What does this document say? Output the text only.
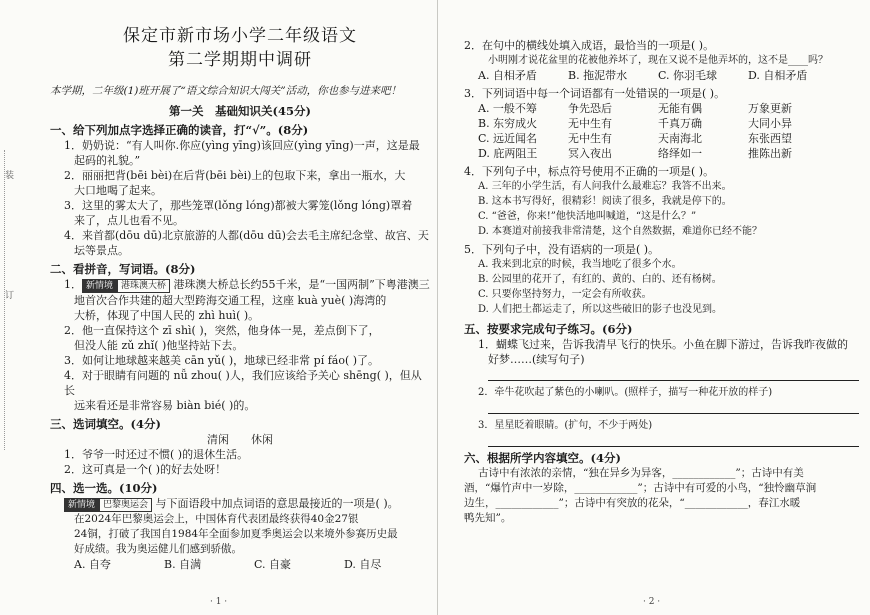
装
订

保定市新市场小学二年级语文

第二学期期中调研

本学期，二年级(1)班开展了“语文综合知识大闯关”活动，你也参与进来吧！

第一关　基础知识关(45分)

一、给下列加点字选择正确的读音，打“√”。(8分)

1．奶奶说：“有人叫你.你应(yìng yīng)该回应(yìng yīng)一声，这是最

起码的礼貌。”

2．丽丽把背(bēi bèi)在后背(bēi bèi)上的包取下来，拿出一瓶水，大

大口地喝了起来。

3．这里的雾太大了，那些笼罩(lǒng lóng)都被大雾笼(lǒng lóng)罩着

来了，点儿也看不见。

4．来首都(dōu dū)北京旅游的人都(dōu dū)会去毛主席纪念堂、故宫、天

坛等景点。

二、看拼音，写词语。(8分)

1． 新情境 港珠澳大桥 港珠澳大桥总长约55千米，是“一国两制”下粤港澳三

地首次合作共建的超大型跨海交通工程，这座 kuà yuè( )海湾的

大桥，体现了中国人民的 zhì huì( )。

2．他一直保持这个 zī shì( )，突然，他身体一晃，差点倒下了，

但没人能 zǔ zhǐ( )他坚持站下去。

3．如何让地球越来越美 cān yǔ( )，地球已经非常 pí fáo( )了。

4．对于眼睛有问题的 nǚ zhou( )人，我们应该给予关心 shēng( )，但从长

远来看还是非常容易 biàn bié( )的。

三、选词填空。(4分)

清闲　　休闲

1．爷爷一时还过不惯( )的退休生活。

2．这可真是一个( )的好去处呀！

四、选一选。(10分)

新情境 巴黎奥运会 与下面语段中加点词语的意思最接近的一项是( )。

在2024年巴黎奥运会上，中国体育代表团最终获得40金27银

24铜，打破了我国自1984年全面参加夏季奥运会以来境外参赛历史最

好成绩。我为奥运健儿们感到骄傲。

A. 自夸	B. 自满	C. 自豪	D. 自尽
· 1 ·

2．在句中的横线处填入成语，最恰当的一项是( )。

小明刚才说花盆里的花被他养坏了，现在又说不是他弄坏的，这不是____吗？

A. 自相矛盾	B. 拖泥带水	C. 你羽毛球	D. 自相矛盾

3．下列词语中每一个词语都有一处错误的一项是( )。

A. 一般不筹	争先恐后	无能有偶	万象更新
B. 东穷成火	无中生有	千真万确	大同小异
C. 远近闻名	无中生有	天南海北	东张西望
D. 庇两阻王	冥入夜出	络绎如一	推陈出新

4．下列句子中，标点符号使用不正确的一项是( )。

A. 三年的小学生活，有人问我什么最难忘？我答不出来。

B. 这本书写得好，很精彩！阅读了很多，我就是停下的。

C. “爸爸，你来!”他快活地叫喊道，“这是什么？”

D. 本赛道对前接我非常清楚，这个自然数据，难道你已经不能？

5．下列句子中，没有语病的一项是( )。

A. 我来到北京的时候，我当地吃了很多个水。

B. 公园里的花开了，有红的、黄的、白的、还有杨树。

C. 只要你坚持努力，一定会有所收获。

D. 人们把土都运走了，所以这些破旧的影子也没见到。

五、按要求完成句子练习。(6分)

1．蝴蝶飞过来，告诉我清早飞行的快乐。小鱼在脚下游过，告诉我昨夜做的

好梦……(续写句子)

2．牵牛花吹起了紫色的小喇叭。(照样子，描写一种花开放的样子)

3．星星眨着眼睛。(扩句，不少于两处)

六、根据所学内容填空。(4分)

古诗中有浓浓的亲情，“独在异乡为异客，____________”；古诗中有美

酒，“爆竹声中一岁除，____________”；古诗中有可爱的小鸟，“独怜幽草涧

边生，____________”；古诗中有突放的花朵，“____________，春江水暖

鸭先知”。

· 2 ·
